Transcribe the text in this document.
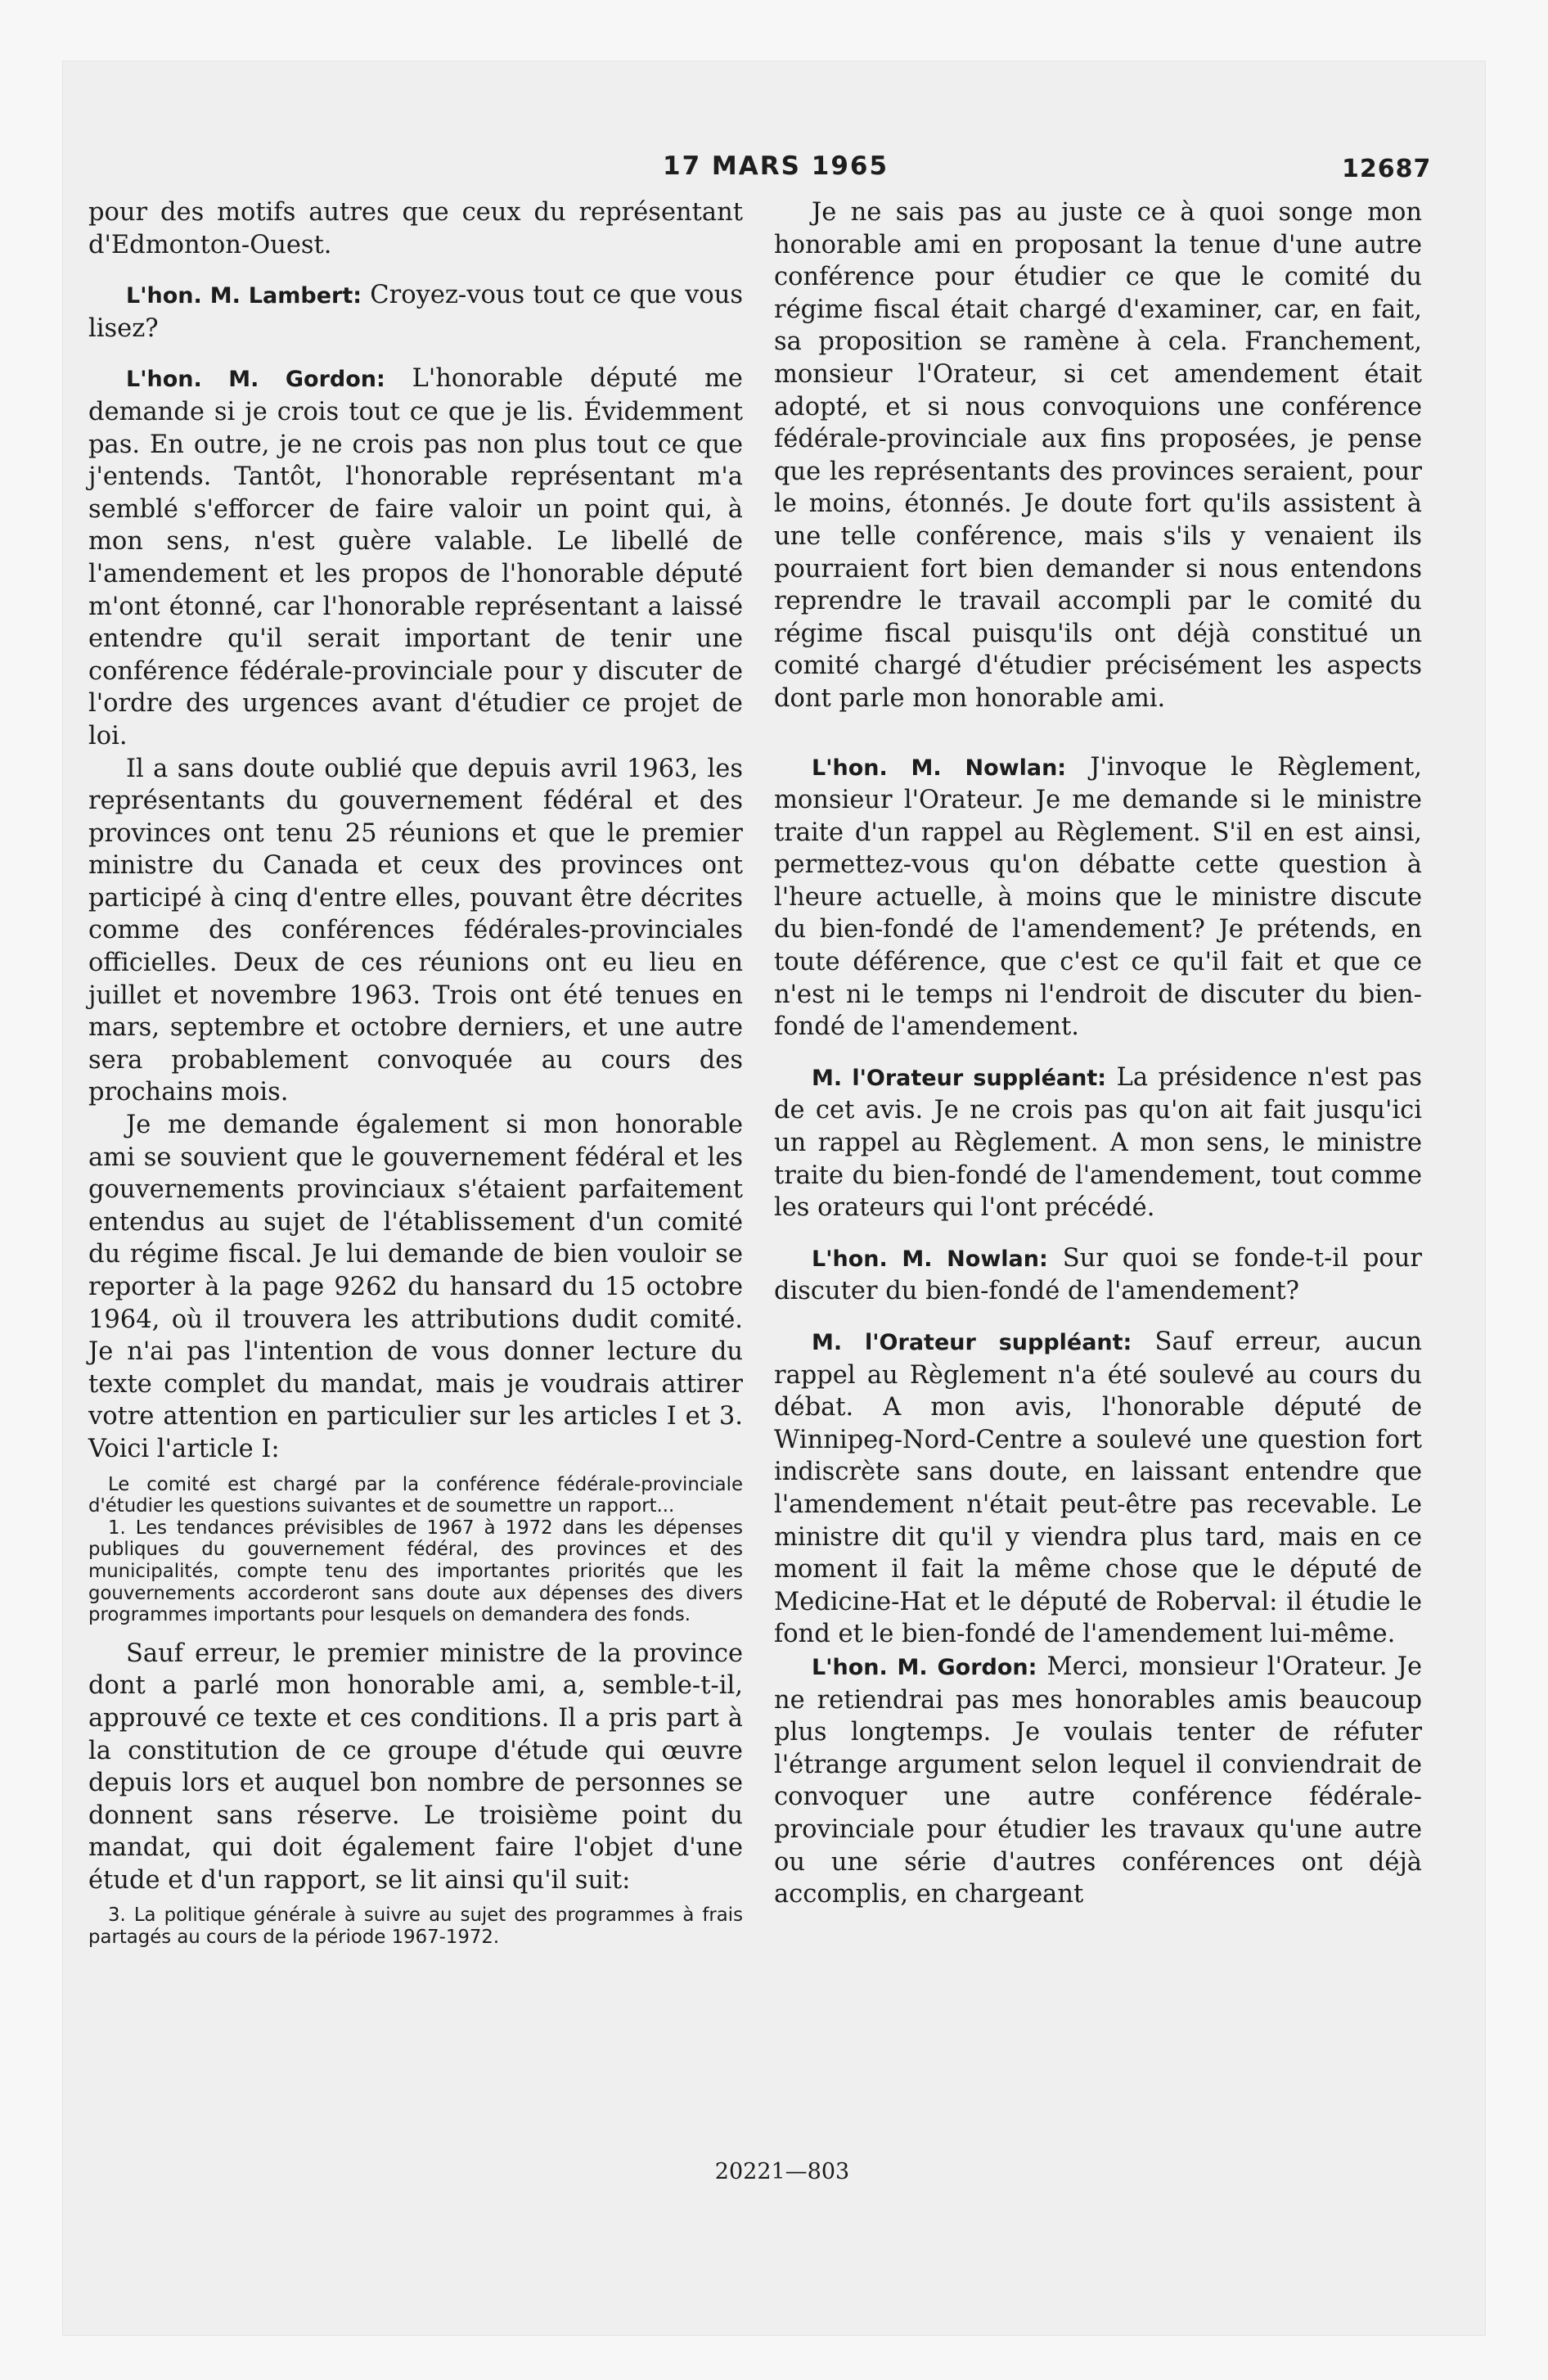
17 MARS 1965	12687

pour des motifs autres que ceux du représentant d'Edmonton-Ouest.

L'hon. M. Lambert: Croyez-vous tout ce que vous lisez?

L'hon. M. Gordon: L'honorable député me demande si je crois tout ce que je lis. Évidemment pas. En outre, je ne crois pas non plus tout ce que j'entends. Tantôt, l'honorable représentant m'a semblé s'efforcer de faire valoir un point qui, à mon sens, n'est guère valable. Le libellé de l'amendement et les propos de l'honorable député m'ont étonné, car l'honorable représentant a laissé entendre qu'il serait important de tenir une conférence fédérale-provinciale pour y discuter de l'ordre des urgences avant d'étudier ce projet de loi.

Il a sans doute oublié que depuis avril 1963, les représentants du gouvernement fédéral et des provinces ont tenu 25 réunions et que le premier ministre du Canada et ceux des provinces ont participé à cinq d'entre elles, pouvant être décrites comme des conférences fédérales-provinciales officielles. Deux de ces réunions ont eu lieu en juillet et novembre 1963. Trois ont été tenues en mars, septembre et octobre derniers, et une autre sera probablement convoquée au cours des prochains mois.

Je me demande également si mon honorable ami se souvient que le gouvernement fédéral et les gouvernements provinciaux s'étaient parfaitement entendus au sujet de l'établissement d'un comité du régime fiscal. Je lui demande de bien vouloir se reporter à la page 9262 du hansard du 15 octobre 1964, où il trouvera les attributions dudit comité. Je n'ai pas l'intention de vous donner lecture du texte complet du mandat, mais je voudrais attirer votre attention en particulier sur les articles I et 3. Voici l'article I:

Le comité est chargé par la conférence fédérale-provinciale d'étudier les questions suivantes et de soumettre un rapport...

1. Les tendances prévisibles de 1967 à 1972 dans les dépenses publiques du gouvernement fédéral, des provinces et des municipalités, compte tenu des importantes priorités que les gouvernements accorderont sans doute aux dépenses des divers programmes importants pour lesquels on demandera des fonds.

Sauf erreur, le premier ministre de la province dont a parlé mon honorable ami, a, semble-t-il, approuvé ce texte et ces conditions. Il a pris part à la constitution de ce groupe d'étude qui œuvre depuis lors et auquel bon nombre de personnes se donnent sans réserve. Le troisième point du mandat, qui doit également faire l'objet d'une étude et d'un rapport, se lit ainsi qu'il suit:

3. La politique générale à suivre au sujet des programmes à frais partagés au cours de la période 1967-1972.

Je ne sais pas au juste ce à quoi songe mon honorable ami en proposant la tenue d'une autre conférence pour étudier ce que le comité du régime fiscal était chargé d'examiner, car, en fait, sa proposition se ramène à cela. Franchement, monsieur l'Orateur, si cet amendement était adopté, et si nous convoquions une conférence fédérale-provinciale aux fins proposées, je pense que les représentants des provinces seraient, pour le moins, étonnés. Je doute fort qu'ils assistent à une telle conférence, mais s'ils y venaient ils pourraient fort bien demander si nous entendons reprendre le travail accompli par le comité du régime fiscal puisqu'ils ont déjà constitué un comité chargé d'étudier précisément les aspects dont parle mon honorable ami.

L'hon. M. Nowlan: J'invoque le Règlement, monsieur l'Orateur. Je me demande si le ministre traite d'un rappel au Règlement. S'il en est ainsi, permettez-vous qu'on débatte cette question à l'heure actuelle, à moins que le ministre discute du bien-fondé de l'amendement? Je prétends, en toute déférence, que c'est ce qu'il fait et que ce n'est ni le temps ni l'endroit de discuter du bien-fondé de l'amendement.

M. l'Orateur suppléant: La présidence n'est pas de cet avis. Je ne crois pas qu'on ait fait jusqu'ici un rappel au Règlement. A mon sens, le ministre traite du bien-fondé de l'amendement, tout comme les orateurs qui l'ont précédé.

L'hon. M. Nowlan: Sur quoi se fonde-t-il pour discuter du bien-fondé de l'amendement?

M. l'Orateur suppléant: Sauf erreur, aucun rappel au Règlement n'a été soulevé au cours du débat. A mon avis, l'honorable député de Winnipeg-Nord-Centre a soulevé une question fort indiscrète sans doute, en laissant entendre que l'amendement n'était peut-être pas recevable. Le ministre dit qu'il y viendra plus tard, mais en ce moment il fait la même chose que le député de Medicine-Hat et le député de Roberval: il étudie le fond et le bien-fondé de l'amendement lui-même.

L'hon. M. Gordon: Merci, monsieur l'Orateur. Je ne retiendrai pas mes honorables amis beaucoup plus longtemps. Je voulais tenter de réfuter l'étrange argument selon lequel il conviendrait de convoquer une autre conférence fédérale-provinciale pour étudier les travaux qu'une autre ou une série d'autres conférences ont déjà accomplis, en chargeant

20221—803
